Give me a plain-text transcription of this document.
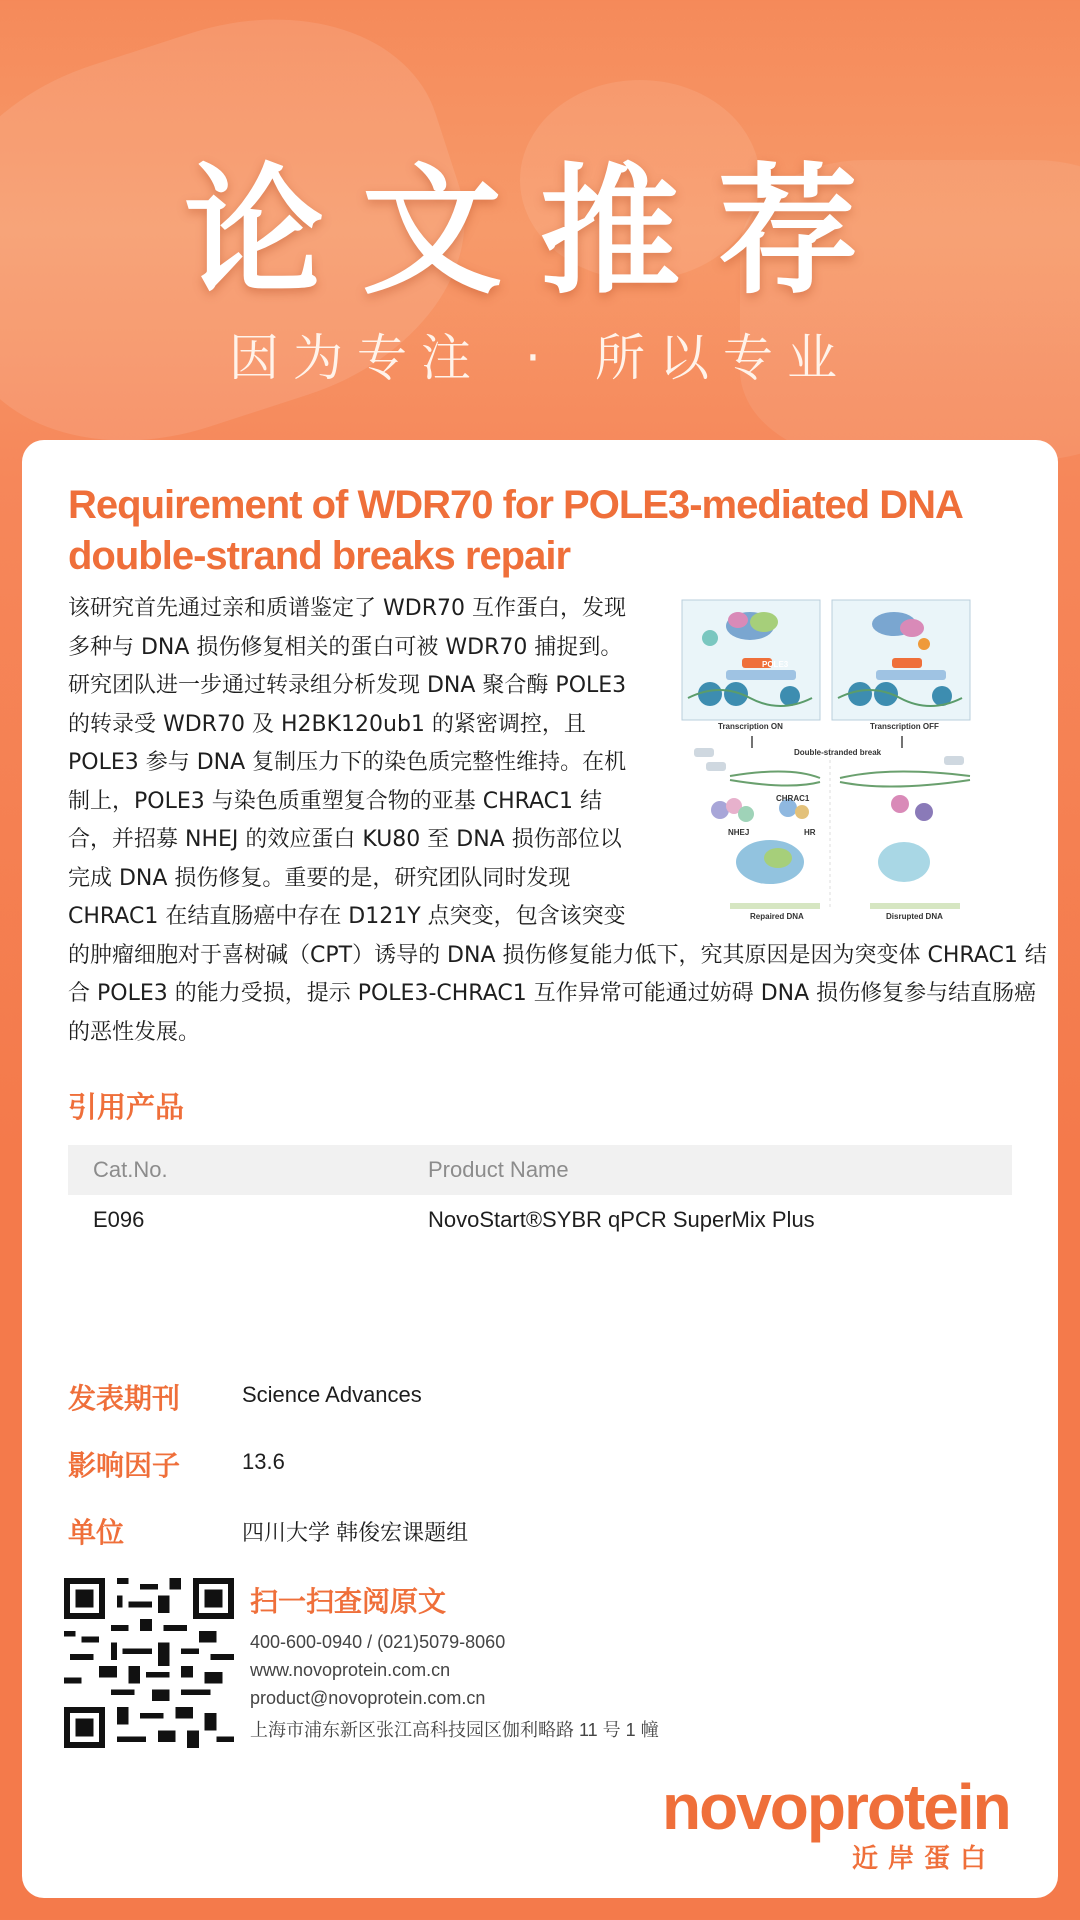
论文推荐
因为专注 · 所以专业
Requirement of WDR70 for POLE3-mediated DNA double-strand breaks repair
该研究首先通过亲和质谱鉴定了 WDR70 互作蛋白，发现多种与 DNA 损伤修复相关的蛋白可被 WDR70 捕捉到。研究团队进一步通过转录组分析发现 DNA 聚合酶 POLE3 的转录受 WDR70 及 H2BK120ub1 的紧密调控，且 POLE3 参与 DNA 复制压力下的染色质完整性维持。在机制上，POLE3 与染色质重塑复合物的亚基 CHRAC1 结合，并招募 NHEJ 的效应蛋白 KU80 至 DNA 损伤部位以完成 DNA 损伤修复。重要的是，研究团队同时发现 CHRAC1 在结直肠癌中存在 D121Y 点突变，包含该突变的肿瘤细胞对于喜树碱（CPT）诱导的 DNA 损伤修复能力低下，究其原因是因为突变体 CHRAC1 结合 POLE3 的能力受损，提示 POLE3-CHRAC1 互作异常可能通过妨碍 DNA 损伤修复参与结直肠癌的恶性发展。
Transcription ON	Transcription OFF
Double-stranded break
NHEJ	HR
CHRAC1
POLE3
Repaired DNA	Disrupted DNA
引用产品
Cat.No.	Product Name
E096	NovoStart®SYBR qPCR SuperMix Plus
发表期刊	Science Advances
影响因子	13.6
单位	四川大学 韩俊宏课题组
扫一扫查阅原文
400-600-0940 / (021)5079-8060
www.novoprotein.com.cn
product@novoprotein.com.cn
上海市浦东新区张江高科技园区伽利略路 11 号 1 幢
novoprotein
近岸蛋白
